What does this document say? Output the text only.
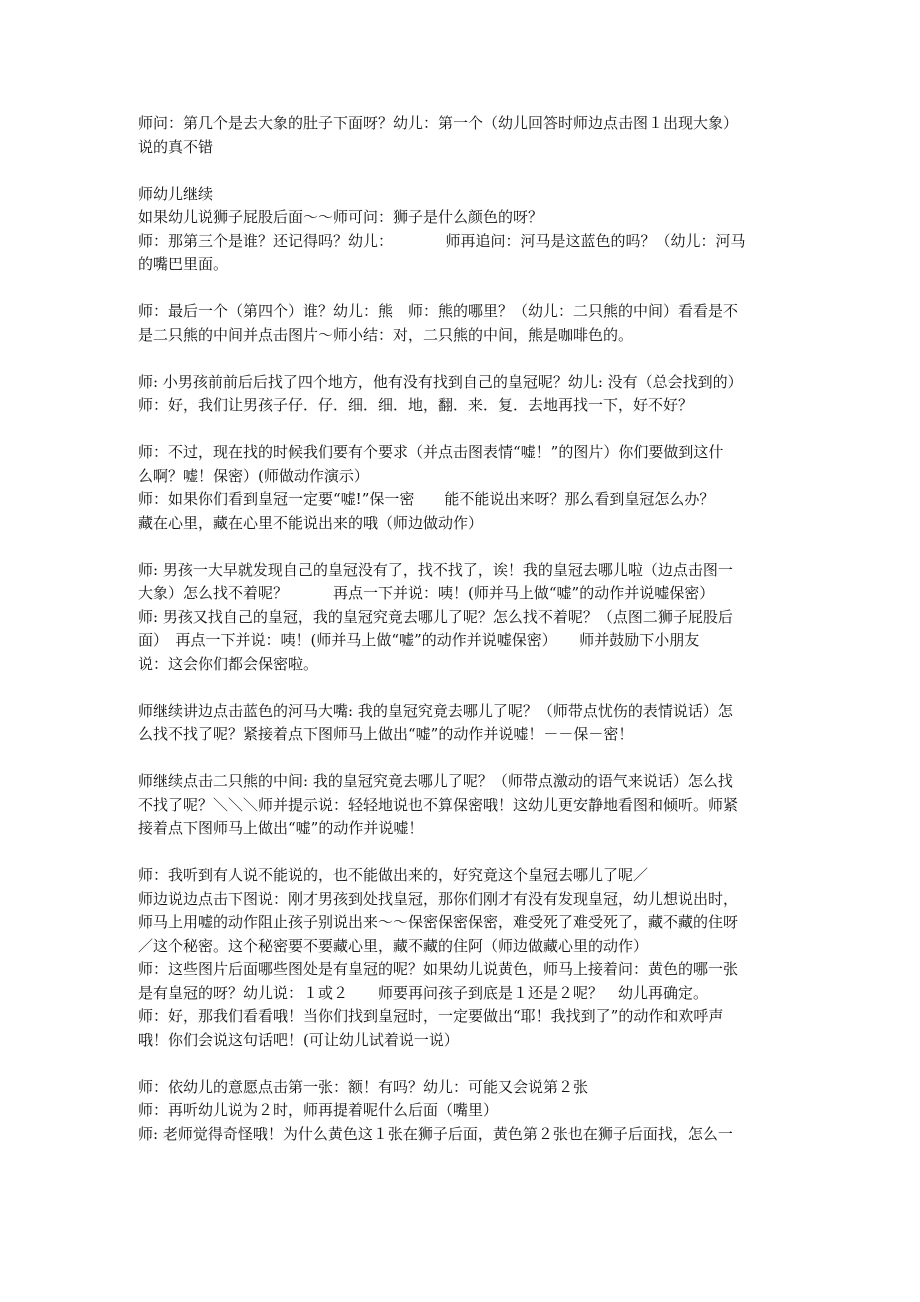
师问：第几个是去大象的肚子下面呀？幼儿：第一个（幼儿回答时师边点击图１出现大象）
说的真不错
师幼儿继续
如果幼儿说狮子屁股后面～～师可问：狮子是什么颜色的呀？
师：那第三个是谁？还记得吗？幼儿：　　　　师再追问：河马是这蓝色的吗？（幼儿：河马
的嘴巴里面。
师：最后一个（第四个）谁？幼儿：熊　师：熊的哪里？（幼儿：二只熊的中间）看看是不
是二只熊的中间并点击图片～师小结：对，二只熊的中间，熊是咖啡色的。
师: 小男孩前前后后找了四个地方，他有没有找到自己的皇冠呢？幼儿: 没有（总会找到的）
师：好，我们让男孩子仔．仔．细．细．地，翻．来．复．去地再找一下，好不好？
师：不过，现在找的时候我们要有个要求（并点击图表情“嘘！”的图片）你们要做到这什
么啊？嘘！保密）(师做动作演示）
师：如果你们看到皇冠一定要“嘘!”保一密　　能不能说出来呀？那么看到皇冠怎么办？
藏在心里，藏在心里不能说出来的哦（师边做动作）
师: 男孩一大早就发现自己的皇冠没有了，找不找了，诶！我的皇冠去哪儿啦（边点击图一
大象）怎么找不着呢？　　　再点一下并说：咦！(师并马上做“嘘”的动作并说嘘保密）
师: 男孩又找自己的皇冠，我的皇冠究竟去哪儿了呢？怎么找不着呢？（点图二狮子屁股后
面）　再点一下并说：咦！(师并马上做“嘘”的动作并说嘘保密）　　师并鼓励下小朋友
说：这会你们都会保密啦。
师继续讲边点击蓝色的河马大嘴: 我的皇冠究竟去哪儿了呢？（师带点忧伤的表情说话）怎
么找不找了呢？紧接着点下图师马上做出“嘘”的动作并说嘘！－－保－密！
师继续点击二只熊的中间: 我的皇冠究竟去哪儿了呢？（师带点激动的语气来说话）怎么找
不找了呢？＼＼＼师并提示说：轻轻地说也不算保密哦！这幼儿更安静地看图和倾听。师紧
接着点下图师马上做出“嘘”的动作并说嘘！
师：我听到有人说不能说的，也不能做出来的，好究竟这个皇冠去哪儿了呢／
师边说边点击下图说：刚才男孩到处找皇冠，那你们刚才有没有发现皇冠，幼儿想说出时，
师马上用嘘的动作阻止孩子别说出来～～保密保密保密，难受死了难受死了，藏不藏的住呀
／这个秘密。这个秘密要不要藏心里，藏不藏的住阿（师边做藏心里的动作）
师：这些图片后面哪些图处是有皇冠的呢？如果幼儿说黄色，师马上接着问：黄色的哪一张
是有皇冠的呀？幼儿说：１或２　　师要再问孩子到底是１还是２呢？　幼儿再确定。
师：好，那我们看看哦！当你们找到皇冠时，一定要做出“耶！我找到了”的动作和欢呼声
哦！你们会说这句话吧！(可让幼儿试着说一说）
师：依幼儿的意愿点击第一张：额！有吗？幼儿：可能又会说第２张
师：再听幼儿说为２时，师再提着呢什么后面（嘴里）
师: 老师觉得奇怪哦！为什么黄色这１张在狮子后面，黄色第２张也在狮子后面找，怎么一
